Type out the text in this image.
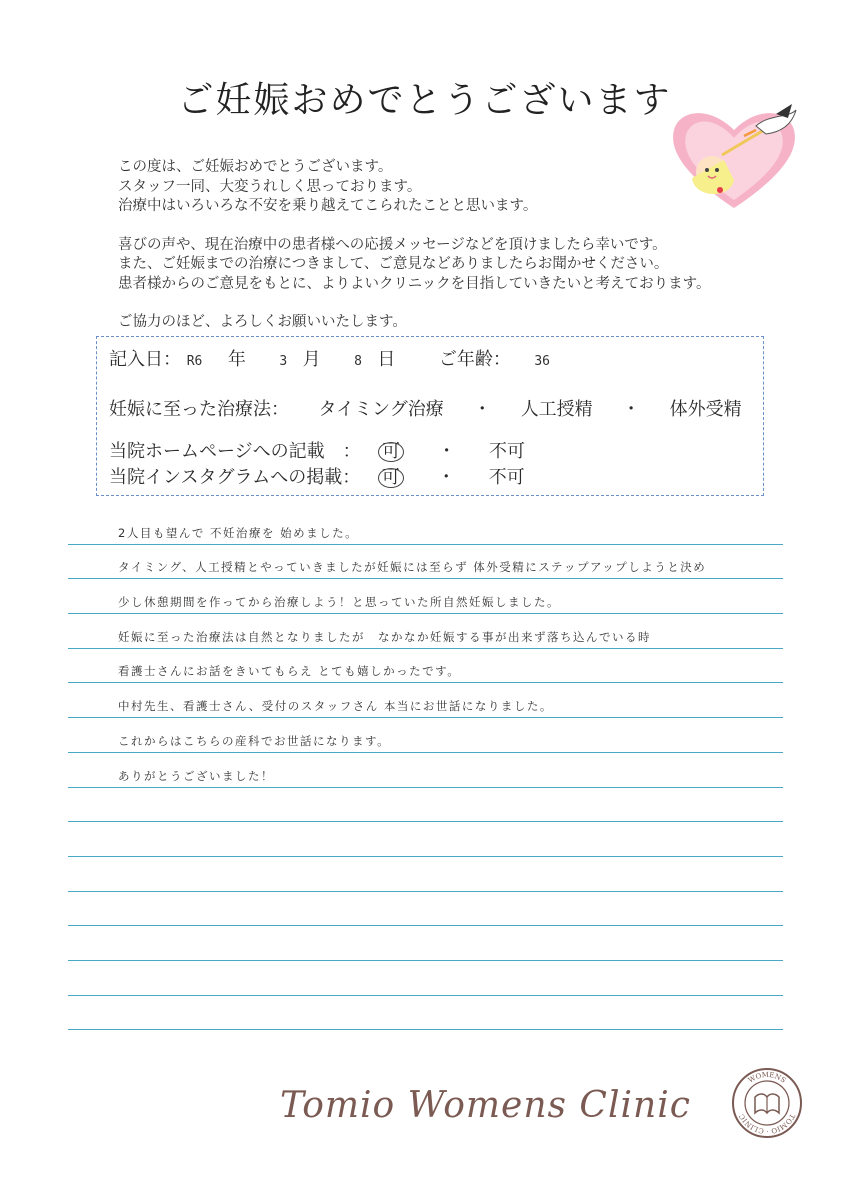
ご妊娠おめでとうございます
この度は、ご妊娠おめでとうございます。
スタッフ一同、大変うれしく思っております。
治療中はいろいろな不安を乗り越えてこられたことと思います。
喜びの声や、現在治療中の患者様への応援メッセージなどを頂けましたら幸いです。
また、ご妊娠までの治療につきまして、ご意見などありましたらお聞かせください。
患者様からのご意見をもとに、よりよいクリニックを目指していきたいと考えております。
ご協力のほど、よろしくお願いいたします。
記入日： R6 年	3 月	8 日 ご年齢： 36
妊娠に至った治療法： タイミング治療 ・ 人工授精 ・ 体外受精
当院ホームページへの記載　： 可 ・ 不可
当院インスタグラムへの掲載： 可 ・ 不可
2人目も望んで 不妊治療を 始めました。
タイミング、人工授精とやっていきましたが妊娠には至らず 体外受精にステップアップしようと決め
少し休憩期間を作ってから治療しよう！と思っていた所自然妊娠しました。
妊娠に至った治療法は自然となりましたが　なかなか妊娠する事が出来ず落ち込んでいる時
看護士さんにお話をきいてもらえ とても嬉しかったです。
中村先生、看護士さん、受付のスタッフさん 本当にお世話になりました。
これからはこちらの産科でお世話になります。
ありがとうございました！
Tomio Womens Clinic
WOMENS
TOMIO · CLINIC
